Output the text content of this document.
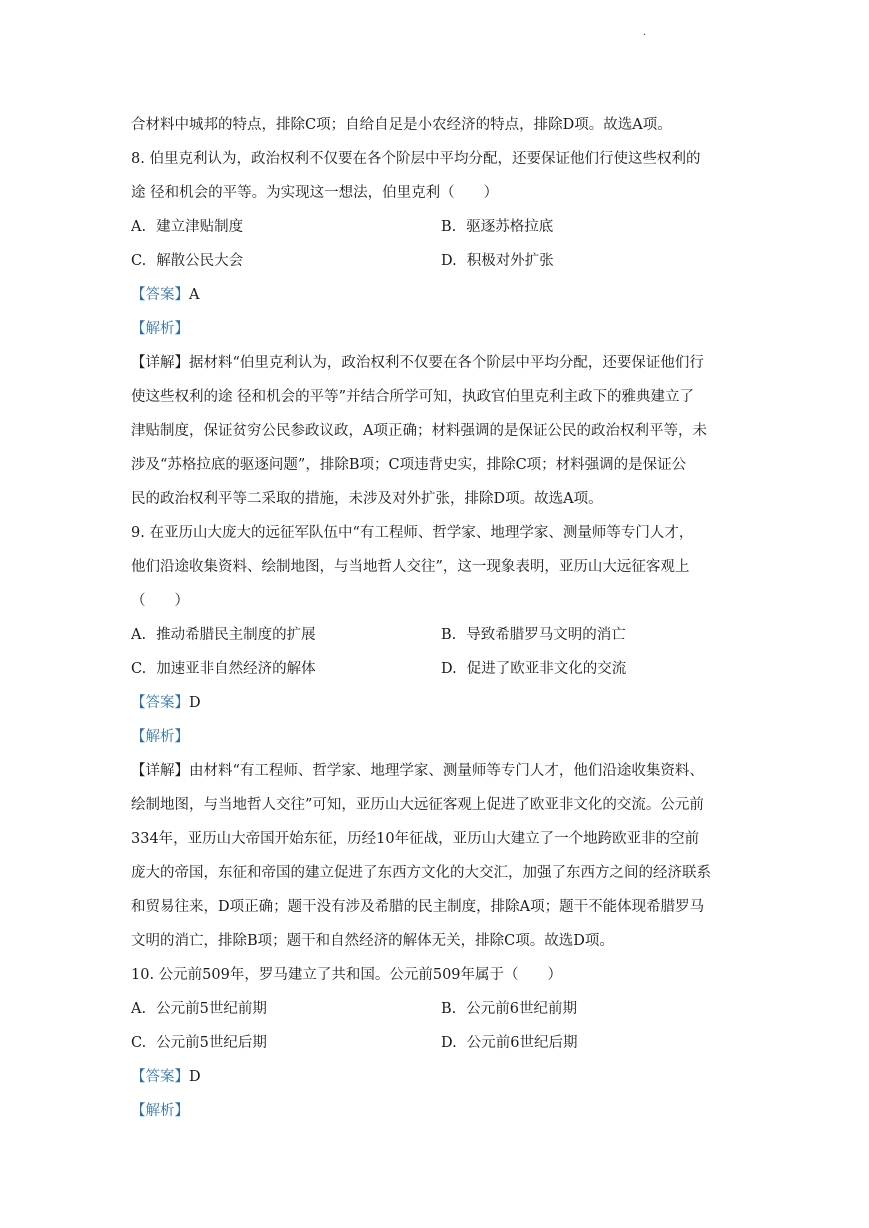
·
合材料中城邦的特点，排除C项；自给自足是小农经济的特点，排除D项。故选A项。
8. 伯里克利认为，政治权利不仅要在各个阶层中平均分配，还要保证他们行使这些权利的
途 径和机会的平等。为实现这一想法，伯里克利（　　）
A. 建立津贴制度	B. 驱逐苏格拉底
C. 解散公民大会	D. 积极对外扩张
【答案】A
【解析】
【详解】据材料“伯里克利认为，政治权利不仅要在各个阶层中平均分配，还要保证他们行
使这些权利的途 径和机会的平等”并结合所学可知，执政官伯里克利主政下的雅典建立了
津贴制度，保证贫穷公民参政议政，A项正确；材料强调的是保证公民的政治权利平等，未
涉及“苏格拉底的驱逐问题”，排除B项；C项违背史实，排除C项；材料强调的是保证公
民的政治权利平等二采取的措施，未涉及对外扩张，排除D项。故选A项。
9. 在亚历山大庞大的远征军队伍中“有工程师、哲学家、地理学家、测量师等专门人才，
他们沿途收集资料、绘制地图，与当地哲人交往”，这一现象表明，亚历山大远征客观上
（　　）
A. 推动希腊民主制度的扩展	B. 导致希腊罗马文明的消亡
C. 加速亚非自然经济的解体	D. 促进了欧亚非文化的交流
【答案】D
【解析】
【详解】由材料“有工程师、哲学家、地理学家、测量师等专门人才，他们沿途收集资料、
绘制地图，与当地哲人交往”可知，亚历山大远征客观上促进了欧亚非文化的交流。公元前
334年，亚历山大帝国开始东征，历经10年征战，亚历山大建立了一个地跨欧亚非的空前
庞大的帝国，东征和帝国的建立促进了东西方文化的大交汇，加强了东西方之间的经济联系
和贸易往来，D项正确；题干没有涉及希腊的民主制度，排除A项；题干不能体现希腊罗马
文明的消亡，排除B项；题干和自然经济的解体无关，排除C项。故选D项。
10. 公元前509年，罗马建立了共和国。公元前509年属于（　　）
A. 公元前5世纪前期	B. 公元前6世纪前期
C. 公元前5世纪后期	D. 公元前6世纪后期
【答案】D
【解析】
